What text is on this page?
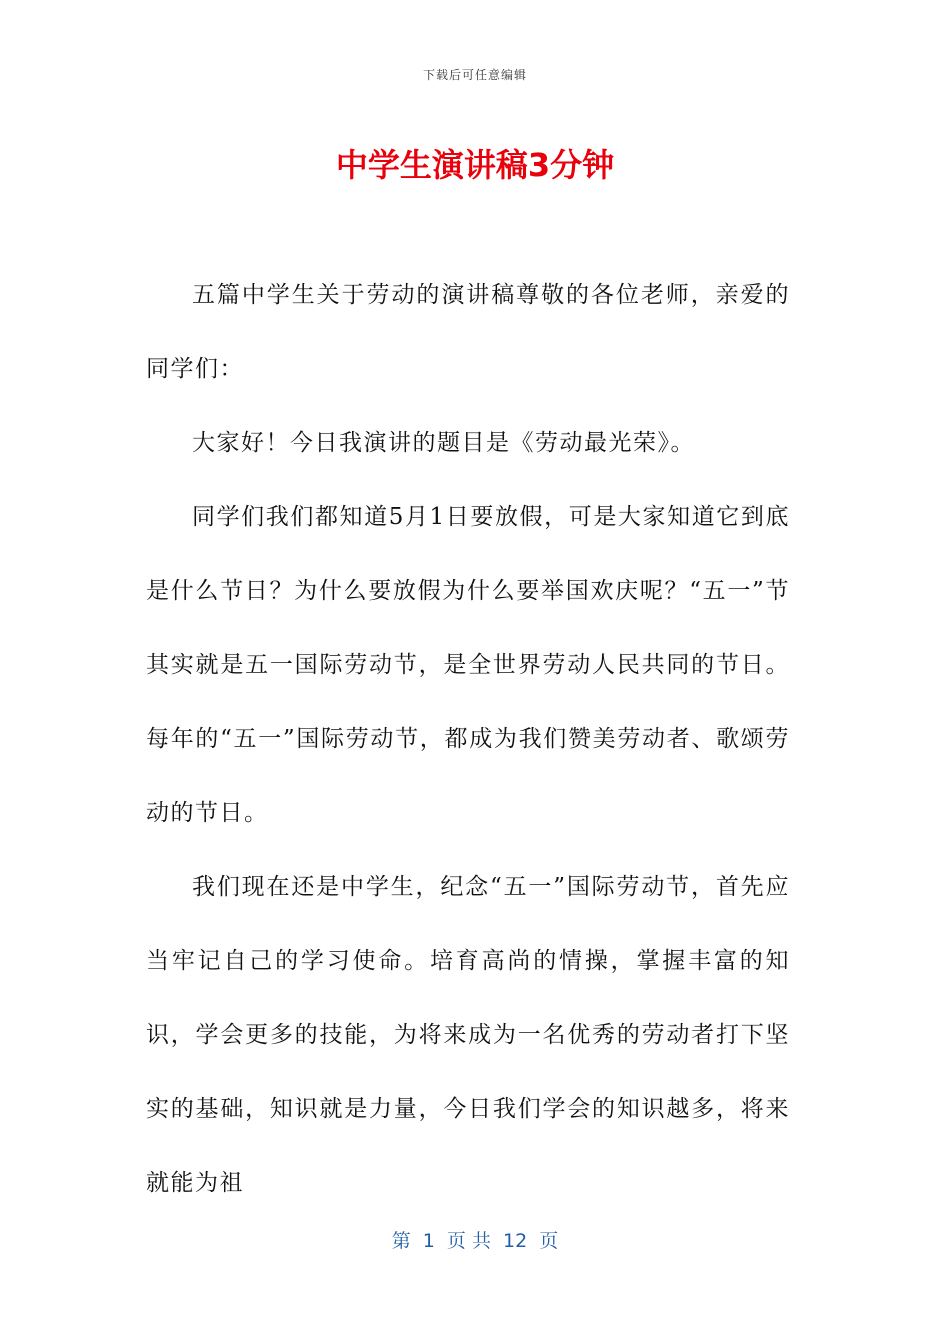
下载后可任意编辑
中学生演讲稿3分钟

五篇中学生关于劳动的演讲稿尊敬的各位老师，亲爱的同学们：

大家好！今日我演讲的题目是《劳动最光荣》。

同学们我们都知道5月1日要放假，可是大家知道它到底是什么节日？为什么要放假为什么要举国欢庆呢？“五一”节其实就是五一国际劳动节，是全世界劳动人民共同的节日。每年的“五一”国际劳动节，都成为我们赞美劳动者、歌颂劳动的节日。

我们现在还是中学生，纪念“五一”国际劳动节，首先应当牢记自己的学习使命。培育高尚的情操，掌握丰富的知识，学会更多的技能，为将来成为一名优秀的劳动者打下坚实的基础，知识就是力量，今日我们学会的知识越多，将来就能为祖

第  1  页 共  12  页
